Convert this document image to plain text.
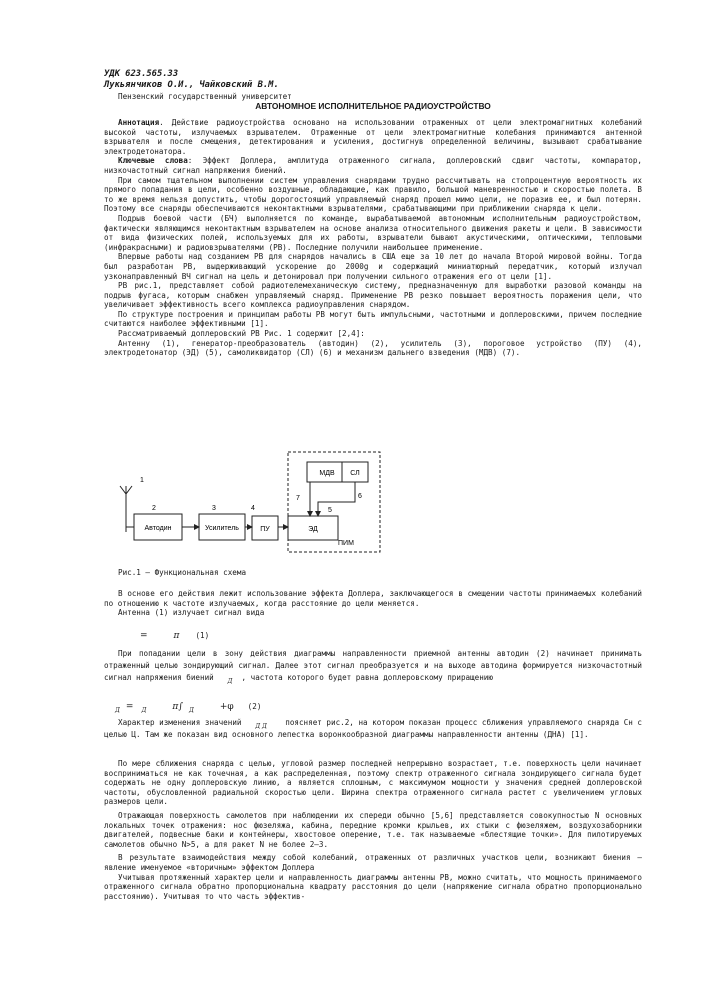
УДК 623.565.33
Лукьянчиков О.И., Чайковский В.М.
Пензенский государственный университет
АВТОНОМНОЕ ИСПОЛНИТЕЛЬНОЕ РАДИОУСТРОЙСТВО

Аннотация. Действие радиоустройства основано на использовании отраженных от цели электромагнитных колебаний высокой частоты, излучаемых взрывателем. Отраженные от цели электромагнитные колебания принимаются антенной взрывателя и после смещения, детектирования и усиления, достигнув определенной величины, вызывают срабатывание электродетонатора.

Ключевые слова: Эффект Доплера, амплитуда отраженного сигнала, доплеровский сдвиг частоты, компаратор, низкочастотный сигнал напряжения биений.

При самом тщательном выполнении систем управления снарядами трудно рассчитывать на стопроцентную вероятность их прямого попадания в цели, особенно воздушные, обладающие, как правило, большой маневренностью и скоростью полета. В то же время нельзя допустить, чтобы дорогостоящий управляемый снаряд прошел мимо цели, не поразив ее, и был потерян. Поэтому все снаряды обеспечиваются неконтактными взрывателями, срабатывающими при приближении снаряда к цели.

Подрыв боевой части (БЧ) выполняется по команде, вырабатываемой автономным исполнительным радиоустройством, фактически являющимся неконтактным взрывателем на основе анализа относительного движения ракеты и цели. В зависимости от вида физических полей, используемых для их работы, взрыватели бывают акустическими, оптическими, тепловыми (инфракрасными) и радиовзрывателями (РВ). Последние получили наибольшее применение.

Впервые работы над созданием РВ для снарядов начались в США еще за 10 лет до начала Второй мировой войны. Тогда был разработан РВ, выдерживающий ускорение до 2000g и содержащий миниатюрный передатчик, который излучал узконаправленный ВЧ сигнал на цель и детонировал при получении сильного отражения его от цели [1].

РВ рис.1, представляет собой радиотелемеханическую систему, предназначенную для выработки разовой команды на подрыв фугаса, которым снабжен управляемый снаряд. Применение РВ резко повышает вероятность поражения цели, что увеличивает эффективность всего комплекса радиоуправления снарядом.

По структуре построения и принципам работы РВ могут быть импульсными, частотными и доплеровскими, причем последние считаются наиболее эффективными [1].

Рассматриваемый доплеровский РВ Рис. 1 содержит [2,4]:

Антенну (1), генератор-преобразователь (автодин) (2), усилитель (3), пороговое устройство (ПУ) (4), электродетонатор (ЭД) (5), самоликвидатор (СЛ) (6) и механизм дальнего взведения (МДВ) (7).

1
Автодин
2
Усилитель
3
ПУ
4
ПИМ
МДВ СЛ
ЭД
7	6
5
Рис.1 – Функциональная схема

В основе его действия лежит использование эффекта Доплера, заключающегося в смещении частоты принимаемых колебаний по отношению к частоте излучаемых, когда расстояние до цели меняется.

Антенна (1) излучает сигнал вида

=	π (1)

При попадании цели в зону действия диаграммы направленности приемной антенны автодин (2) начинает принимать отраженный целью зондирующий сигнал. Далее этот сигнал преобразуется и на выходе автодина формируется низкочастотный сигнал напряжения биений $_Д$ , частота которого будет равна доплеровскому приращению

$_Д$ = $_Д$	π∫ $_Д$	+φ (2)

Характер изменения значений $_{Д Д}$ поясняет рис.2, на котором показан процесс сближения управляемого снаряда Сн с целью Ц. Там же показан вид основного лепестка воронкообразной диаграммы направленности антенны (ДНА) [1].

По мере сближения снаряда с целью, угловой размер последней непрерывно возрастает, т.е. поверхность цели начинает восприниматься не как точечная, а как распределенная, поэтому спектр отраженного сигнала зондирующего сигнала будет содержать не одну доплеровскую линию, а является сплошным, с максимумом мощности у значения средней доплеровской частоты, обусловленной радиальной скоростью цели. Ширина спектра отраженного сигнала растет с увеличением угловых размеров цели.

Отражающая поверхность самолетов при наблюдении их спереди обычно [5,6] представляется совокупностью N основных локальных точек отражения: нос фюзеляжа, кабина, передние кромки крыльев, их стыки с фюзеляжем, воздухозаборники двигателей, подвесные баки и контейнеры, хвостовое оперение, т.е. так называемые «блестящие точки». Для пилотируемых самолетов обычно N>5, а для ракет N не более 2–3.

В результате взаимодействия между собой колебаний, отраженных от различных участков цели, возникают биения – явление именуемое «вторичным» эффектом Доплера

Учитывая протяженный характер цели и направленность диаграммы антенны РВ, можно считать, что мощность принимаемого отраженного сигнала обратно пропорциональна квадрату расстояния до цели (напряжение сигнала обратно пропорционально расстоянию). Учитывая то что часть эффектив-
